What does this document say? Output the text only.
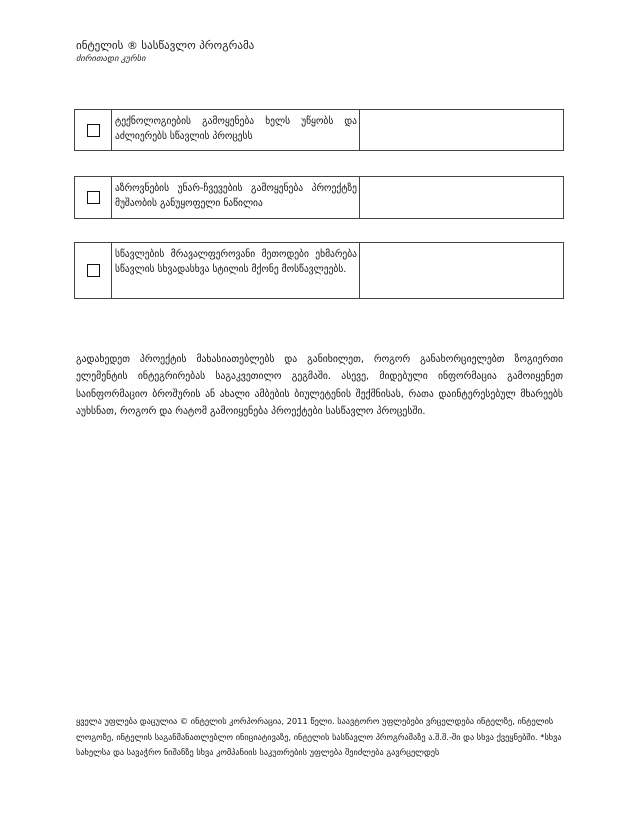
ინტელის ® სასწავლო პროგრამა
ძირითადი კურსი
ტექნოლოგიების გამოყენება ხელს უწყობს და აძლიერებს სწავლის პროცესს
აზროვნების უნარ-ჩვევების გამოყენება პროექტზე მუშაობის განუყოფელი ნაწილია
სწავლების მრავალფეროვანი მეთოდები ეხმარება სწავლის სხვადასხვა სტილის მქონე მოსწავლეებს.
გადახედეთ პროექტის მახასიათებლებს და განიხილეთ, როგორ განახორციელებთ ზოგიერთი ელემენტის ინტეგრირებას საგაკვეთილო გეგმაში. ასევე, მიდებული ინფორმაცია გამოიყენეთ საინფორმაციო ბროშურის ან ახალი ამბების ბიულეტენის შექმნისას, რათა დაინტერესებულ მხარეებს აუხსნათ, როგორ და რატომ გამოიყენება პროექტები სასწავლო პროცესში.
ყველა უფლება დაცულია © ინტელის კორპორაცია, 2011 წელი. საავტორო უფლებები ვრცელდება ინტელზე, ინტელის ლოგოზე, ინტელის საგანმანათლებლო ინიციატივაზე, ინტელის სასწავლო პროგრამაზე ა.შ.შ.-ში და სხვა ქვეყნებში. *სხვა სახელსა და სავაჭრო ნიშანზე სხვა კომპანიის საკუთრების უფლება შეიძლება გავრცელდეს
